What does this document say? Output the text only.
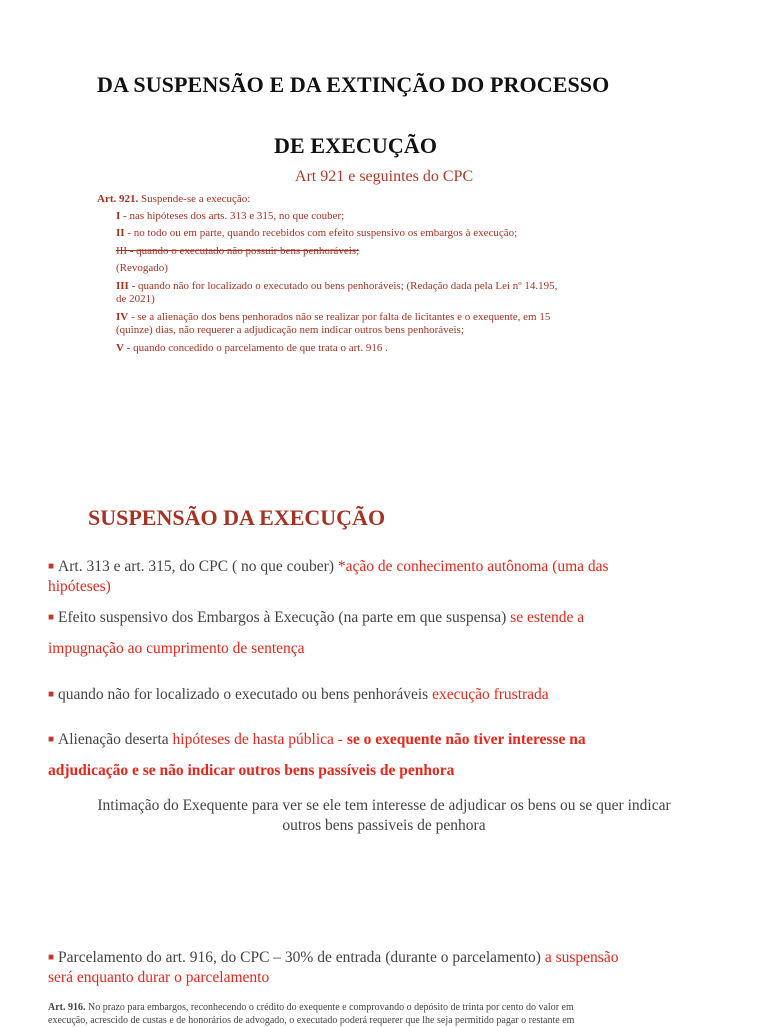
DA SUSPENSÃO E DA EXTINÇÃO DO PROCESSO
DE EXECUÇÃO
Art 921 e seguintes do CPC
Art. 921. Suspende-se a execução:
I - nas hipóteses dos arts. 313 e 315, no que couber;
II - no todo ou em parte, quando recebidos com efeito suspensivo os embargos à execução;
III - quando o executado não possuir bens penhoráveis;
(Revogado)
III - quando não for localizado o executado ou bens penhoráveis; (Redação dada pela Lei nº 14.195,
de 2021)
IV - se a alienação dos bens penhorados não se realizar por falta de licitantes e o exequente, em 15
(quinze) dias, não requerer a adjudicação nem indicar outros bens penhoráveis;
V - quando concedido o parcelamento de que trata o art. 916 .
SUSPENSÃO DA EXECUÇÃO
■ Art. 313 e art. 315, do CPC ( no que couber) *ação de conhecimento autônoma (uma das
hipóteses)
■ Efeito suspensivo dos Embargos à Execução (na parte em que suspensa) se estende a
impugnação ao cumprimento de sentença
■ quando não for localizado o executado ou bens penhoráveis execução frustrada
■ Alienação deserta hipóteses de hasta pública - se o exequente não tiver interesse na
adjudicação e se não indicar outros bens passíveis de penhora
Intimação do Exequente para ver se ele tem interesse de adjudicar os bens ou se quer indicar
outros bens passiveis de penhora
■ Parcelamento do art. 916, do CPC – 30% de entrada (durante o parcelamento) a suspensão
será enquanto durar o parcelamento
Art. 916. No prazo para embargos, reconhecendo o crédito do exequente e comprovando o depósito de trinta por cento do valor em
execução, acrescido de custas e de honorários de advogado, o executado poderá requerer que lhe seja permitido pagar o restante em
